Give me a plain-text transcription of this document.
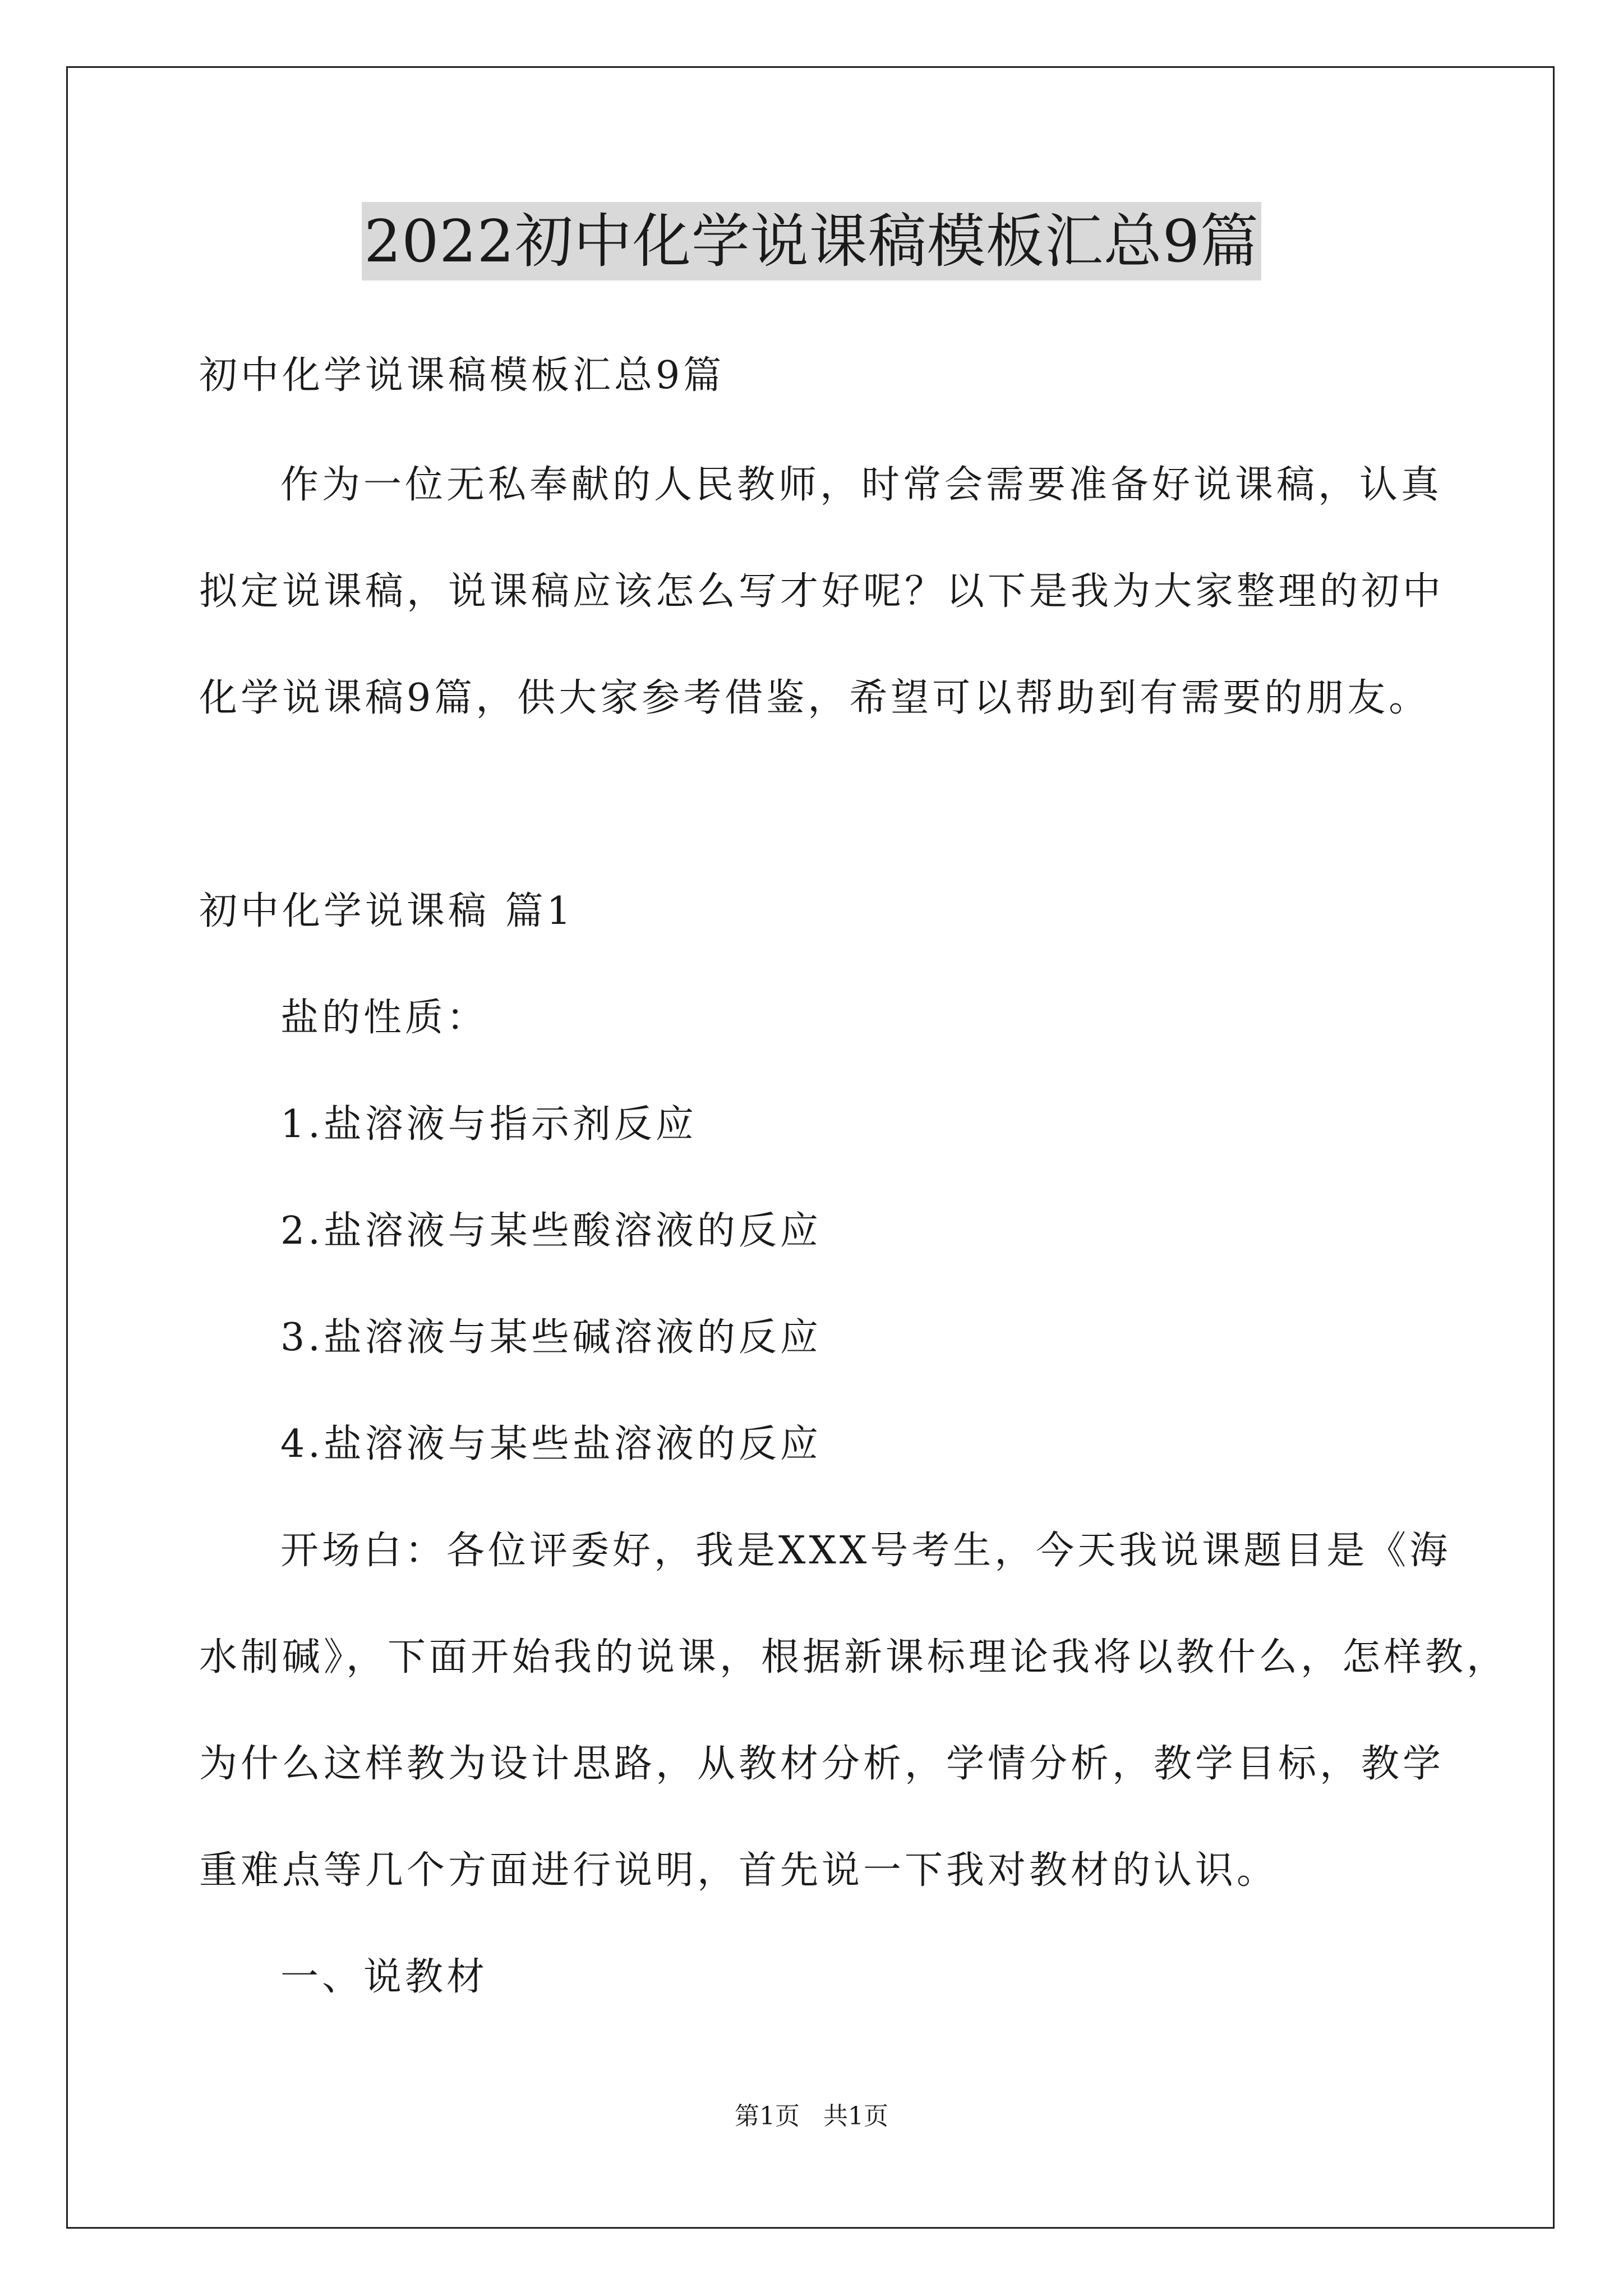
2022初中化学说课稿模板汇总9篇
初中化学说课稿模板汇总9篇
作为一位无私奉献的人民教师，时常会需要准备好说课稿，认真
拟定说课稿，说课稿应该怎么写才好呢？以下是我为大家整理的初中
化学说课稿9篇，供大家参考借鉴，希望可以帮助到有需要的朋友。
初中化学说课稿 篇1
盐的性质：
1.盐溶液与指示剂反应
2.盐溶液与某些酸溶液的反应
3.盐溶液与某些碱溶液的反应
4.盐溶液与某些盐溶液的反应
开场白：各位评委好，我是XXX号考生，今天我说课题目是《海
水制碱》，下面开始我的说课，根据新课标理论我将以教什么，怎样教，
为什么这样教为设计思路，从教材分析，学情分析，教学目标，教学
重难点等几个方面进行说明，首先说一下我对教材的认识。
一、说教材
第1页 共1页
